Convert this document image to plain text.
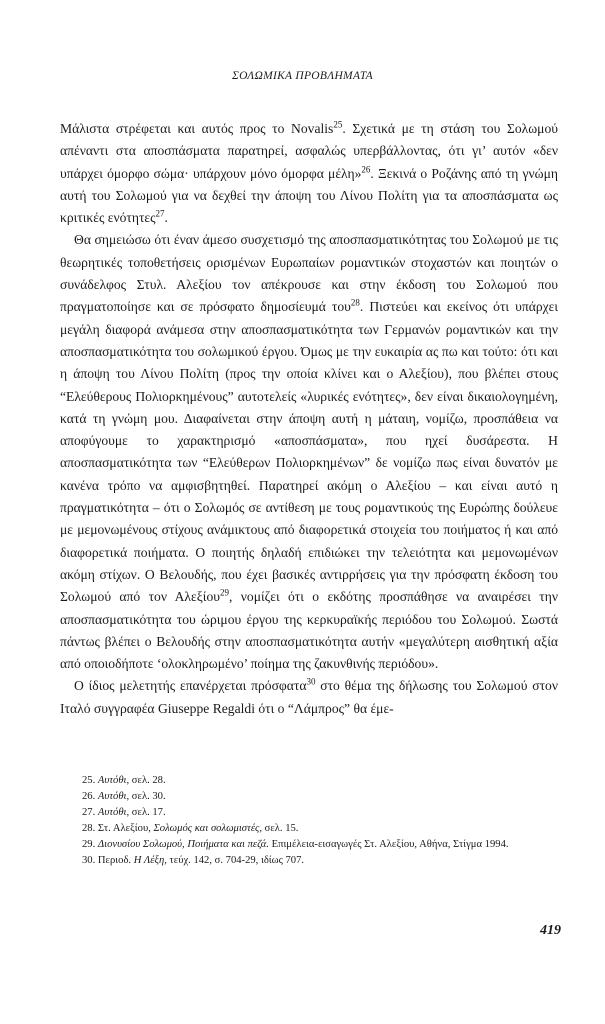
ΣΟΛΩΜΙΚΑ ΠΡΟΒΛΗΜΑΤΑ

Μάλιστα στρέφεται και αυτός προς το Novalis$^{25}$. Σχετικά με τη στάση του Σολωμού απέναντι στα αποσπάσματα παρατηρεί, ασφαλώς υπερβάλλοντας, ότι γι’ αυτόν «δεν υπάρχει όμορφο σώμα· υπάρχουν μόνο όμορφα μέλη»$^{26}$. Ξεκινά ο Ροζάνης από τη γνώμη αυτή του Σολωμού για να δεχθεί την άποψη του Λίνου Πολίτη για τα αποσπάσματα ως κριτικές ενότητες$^{27}$.

Θα σημειώσω ότι έναν άμεσο συσχετισμό της αποσπασματικότητας του Σολωμού με τις θεωρητικές τοποθετήσεις ορισμένων Ευρωπαίων ρομαντικών στοχαστών και ποιητών ο συνάδελφος Στυλ. Αλεξίου τον απέκρουσε και στην έκδοση του Σολωμού που πραγματοποίησε και σε πρόσφατο δημοσίευμά του$^{28}$. Πιστεύει και εκείνος ότι υπάρχει μεγάλη διαφορά ανάμεσα στην αποσπασματικότητα των Γερμανών ρομαντικών και την αποσπασματικότητα του σολωμικού έργου. Όμως με την ευκαιρία ας πω και τούτο: ότι και η άποψη του Λίνου Πολίτη (προς την οποία κλίνει και ο Αλεξίου), που βλέπει στους “Ελεύθερους Πολιορκημένους” αυτοτελείς «λυρικές ενότητες», δεν είναι δικαιολογημένη, κατά τη γνώμη μου. Διαφαίνεται στην άποψη αυτή η μάταιη, νομίζω, προσπάθεια να αποφύγουμε το χαρακτηρισμό «αποσπάσματα», που ηχεί δυσάρεστα. Η αποσπασματικότητα των “Ελεύθερων Πολιορκημένων” δε νομίζω πως είναι δυνατόν με κανένα τρόπο να αμφισβητηθεί. Παρατηρεί ακόμη ο Αλεξίου – και είναι αυτό η πραγματικότητα – ότι ο Σολωμός σε αντίθεση με τους ρομαντικούς της Ευρώπης δούλευε με μεμονωμένους στίχους ανάμικτους από διαφορετικά στοιχεία του ποιήματος ή και από διαφορετικά ποιήματα. Ο ποιητής δηλαδή επιδιώκει την τελειότητα και μεμονωμένων ακόμη στίχων. Ο Βελουδής, που έχει βασικές αντιρρήσεις για την πρόσφατη έκδοση του Σολωμού από τον Αλεξίου$^{29}$, νομίζει ότι ο εκδότης προσπάθησε να αναιρέσει την αποσπασματικότητα του ώριμου έργου της κερκυραϊκής περιόδου του Σολωμού. Σωστά πάντως βλέπει ο Βελουδής στην αποσπασματικότητα αυτήν «μεγαλύτερη αισθητική αξία από οποιοδήποτε ‘ολοκληρωμένο’ ποίημα της ζακυνθινής περιόδου».

Ο ίδιος μελετητής επανέρχεται πρόσφατα$^{30}$ στο θέμα της δήλωσης του Σολωμού στον Ιταλό συγγραφέα Giuseppe Regaldi ότι ο “Λάμπρος” θα έμε-

25. Αυτόθι, σελ. 28.

26. Αυτόθι, σελ. 30.

27. Αυτόθι, σελ. 17.

28. Στ. Αλεξίου, Σολωμός και σολωμιστές, σελ. 15.

29. Διονυσίου Σολωμού, Ποιήματα και πεζά. Επιμέλεια-εισαγωγές Στ. Αλεξίου, Αθήνα, Στίγμα 1994.

30. Περιοδ. Η Λέξη, τεύχ. 142, σ. 704-29, ιδίως 707.

419
